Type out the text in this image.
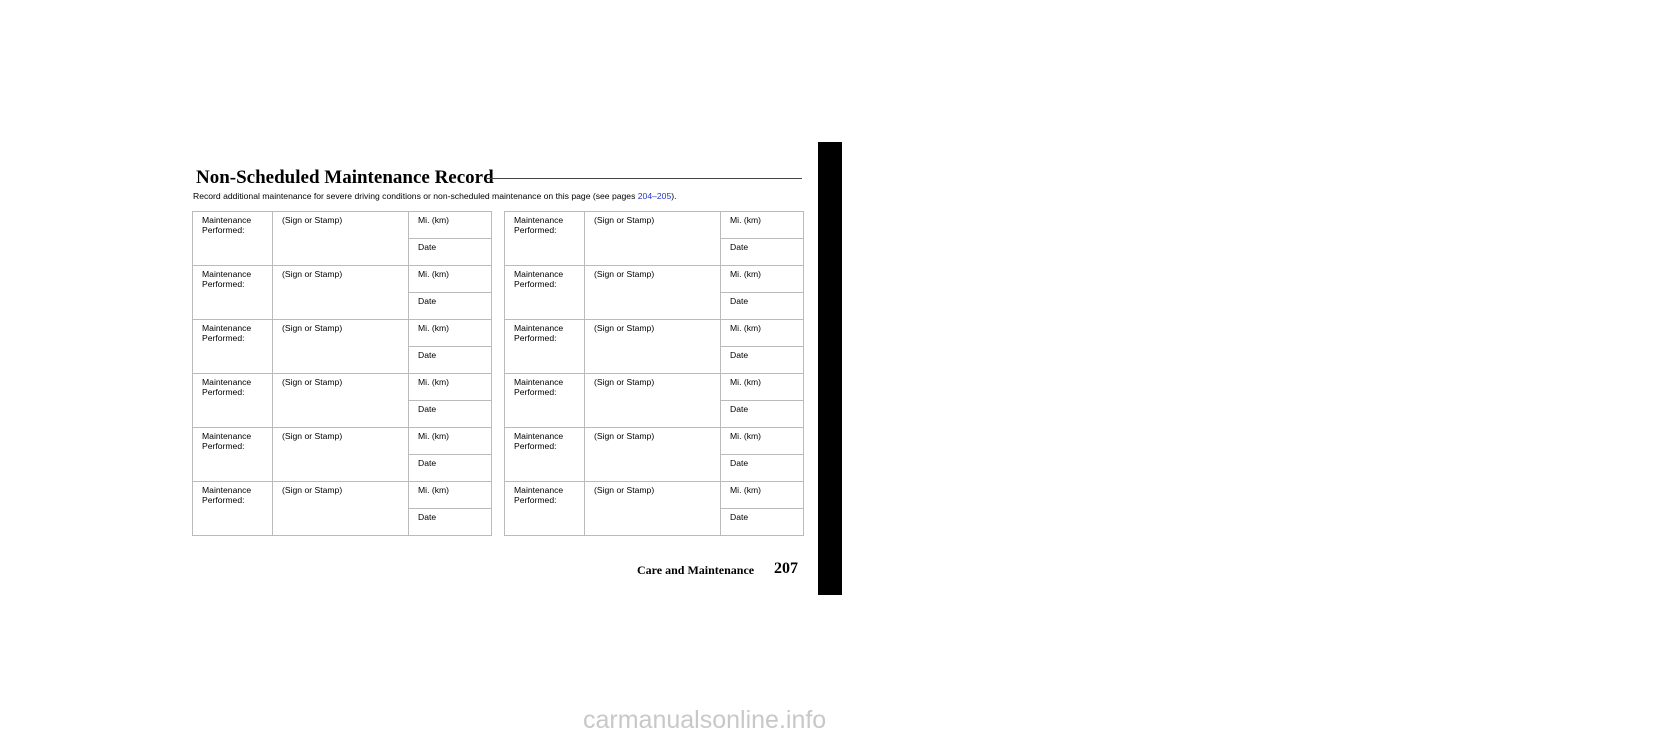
Non-Scheduled Maintenance Record
Record additional maintenance for severe driving conditions or non-scheduled maintenance on this page (see pages 204–205).
Maintenance Performed:	(Sign or Stamp)	Mi. (km)
		Date
Maintenance Performed:	(Sign or Stamp)	Mi. (km)
		Date
Maintenance Performed:	(Sign or Stamp)	Mi. (km)
		Date
Maintenance Performed:	(Sign or Stamp)	Mi. (km)
		Date
Maintenance Performed:	(Sign or Stamp)	Mi. (km)
		Date
Maintenance Performed:	(Sign or Stamp)	Mi. (km)
		Date
Maintenance Performed:	(Sign or Stamp)	Mi. (km)
		Date
Maintenance Performed:	(Sign or Stamp)	Mi. (km)
		Date
Maintenance Performed:	(Sign or Stamp)	Mi. (km)
		Date
Maintenance Performed:	(Sign or Stamp)	Mi. (km)
		Date
Maintenance Performed:	(Sign or Stamp)	Mi. (km)
		Date
Maintenance Performed:	(Sign or Stamp)	Mi. (km)
		Date	MAINTENANCE RECORD
Care and Maintenance 207
carmanualsonline.info
